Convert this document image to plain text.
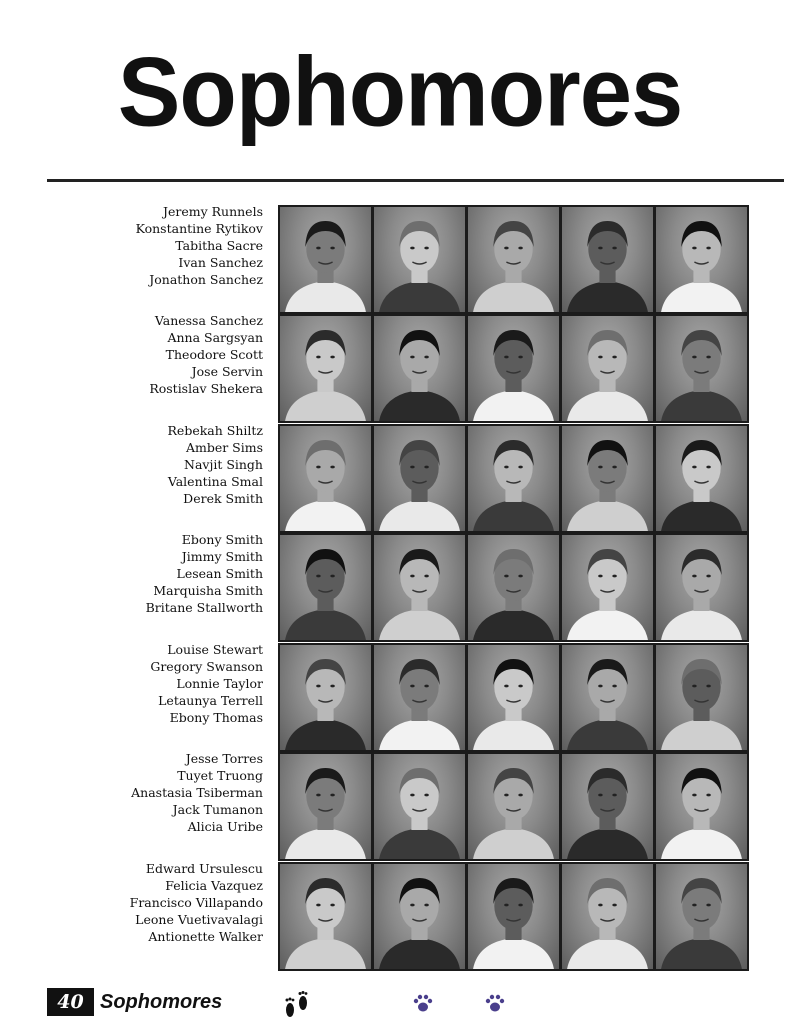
Sophomores
Jeremy Runnels
Konstantine Rytikov
Tabitha Sacre
Ivan Sanchez
Jonathon Sanchez
Vanessa Sanchez
Anna Sargsyan
Theodore Scott
Jose Servin
Rostislav Shekera
Rebekah Shiltz
Amber Sims
Navjit Singh
Valentina Smal
Derek Smith
Ebony Smith
Jimmy Smith
Lesean Smith
Marquisha Smith
Britane Stallworth
Louise Stewart
Gregory Swanson
Lonnie Taylor
Letaunya Terrell
Ebony Thomas
Jesse Torres
Tuyet Truong
Anastasia Tsiberman
Jack Tumanon
Alicia Uribe
Edward Ursulescu
Felicia Vazquez
Francisco Villapando
Leone Vuetivavalagi
Antionette Walker
40 Sophomores
